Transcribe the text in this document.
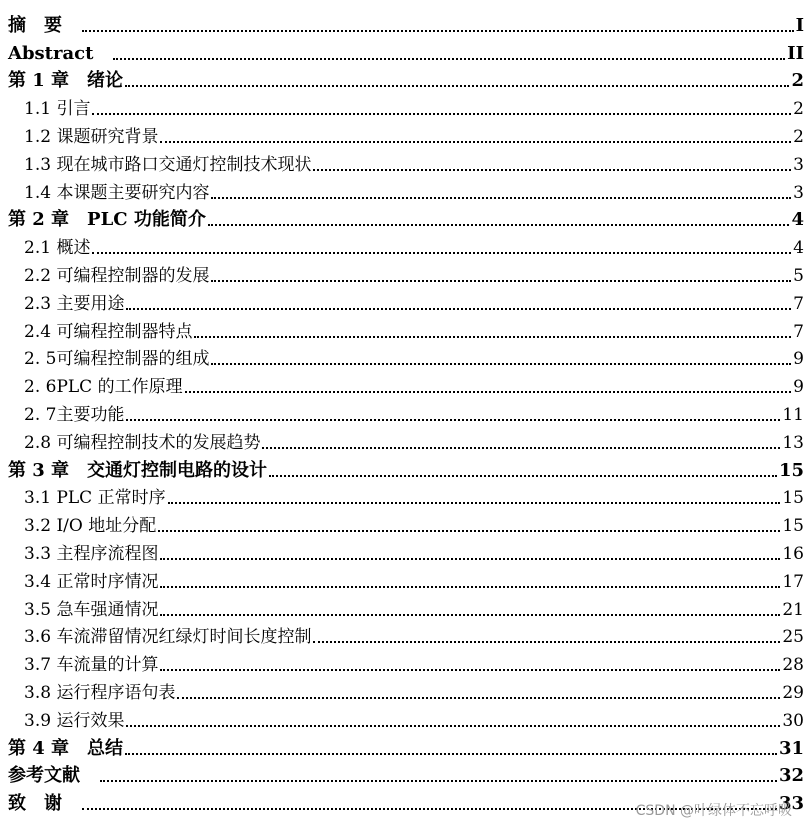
摘　要　	I
Abstract　	II
第 1 章　绪论	2
1.1 引言	2
1.2 课题研究背景	2
1.3 现在城市路口交通灯控制技术现状	3
1.4 本课题主要研究内容	3
第 2 章　PLC 功能简介	4
2.1 概述	4
2.2 可编程控制器的发展	5
2.3 主要用途	7
2.4 可编程控制器特点	7
2. 5可编程控制器的组成	9
2. 6PLC 的工作原理	9
2. 7主要功能	11
2.8 可编程控制技术的发展趋势	13
第 3 章　交通灯控制电路的设计	15
3.1 PLC 正常时序	15
3.2 I/O 地址分配	15
3.3 主程序流程图	16
3.4 正常时序情况	17
3.5 急车强通情况	21
3.6 车流滞留情况红绿灯时间长度控制	25
3.7 车流量的计算	28
3.8 运行程序语句表	29
3.9 运行效果	30
第 4 章　总结	31
参考文献　	32
致　谢　	33
CSDN @叶绿体不忘呼吸
